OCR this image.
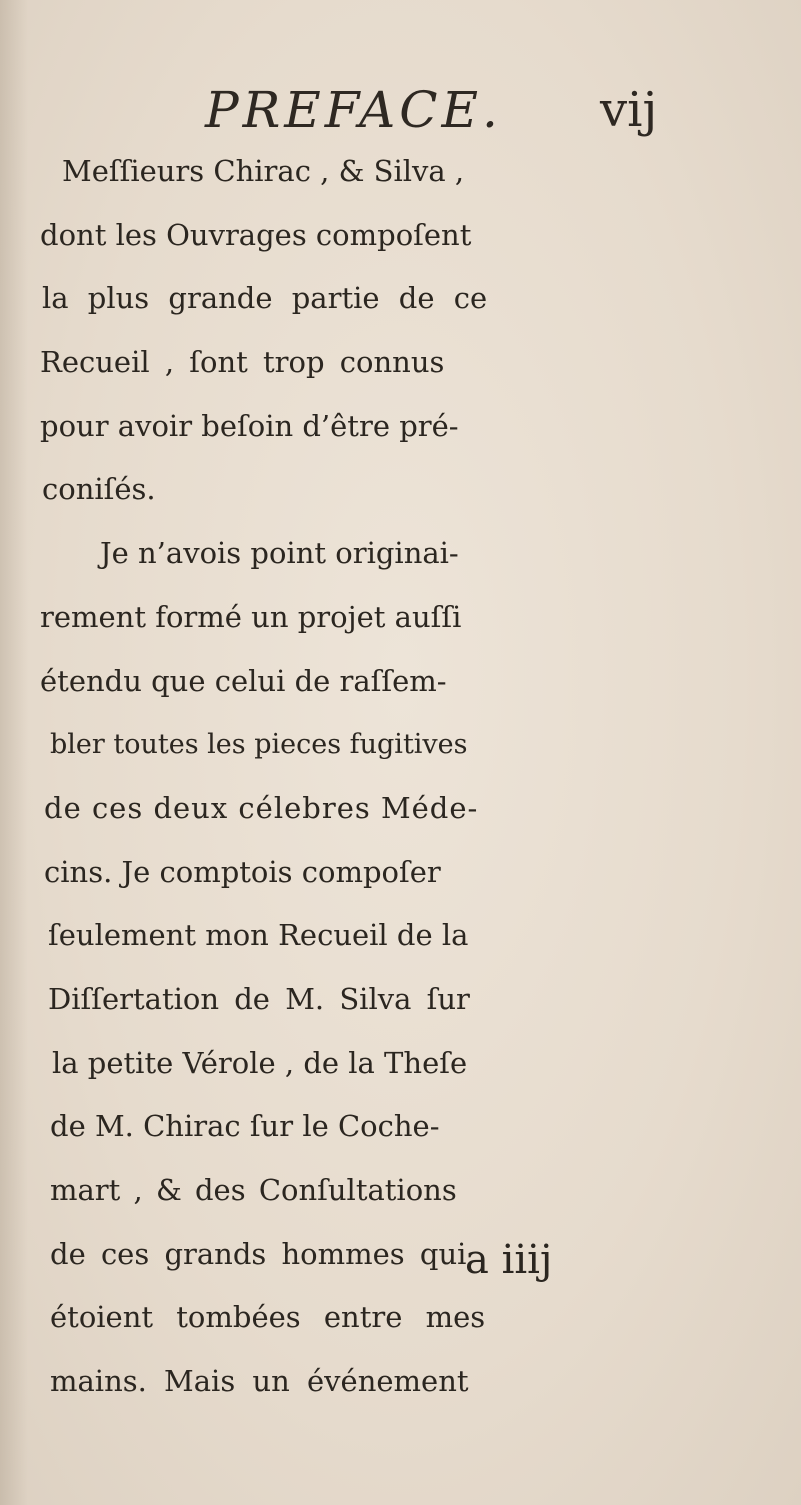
PREFACE. vij
Meſſieurs Chirac , & Silva ,
dont les Ouvrages compoſent
la plus grande partie de ce
Recueil , ſont trop connus
pour avoir beſoin d’être pré-
coniſés.
Je n’avois point originai-
rement formé un projet auſſi
étendu que celui de raſſem-
bler toutes les pieces fugitives
de ces deux célebres Méde-
cins. Je comptois compoſer
ſeulement mon Recueil de la
Diſſertation de M. Silva ſur
la petite Vérole , de la Theſe
de M. Chirac ſur le Coche-
mart , & des Conſultations
de ces grands hommes qui
étoient tombées entre mes
mains. Mais un événement
a iiij
